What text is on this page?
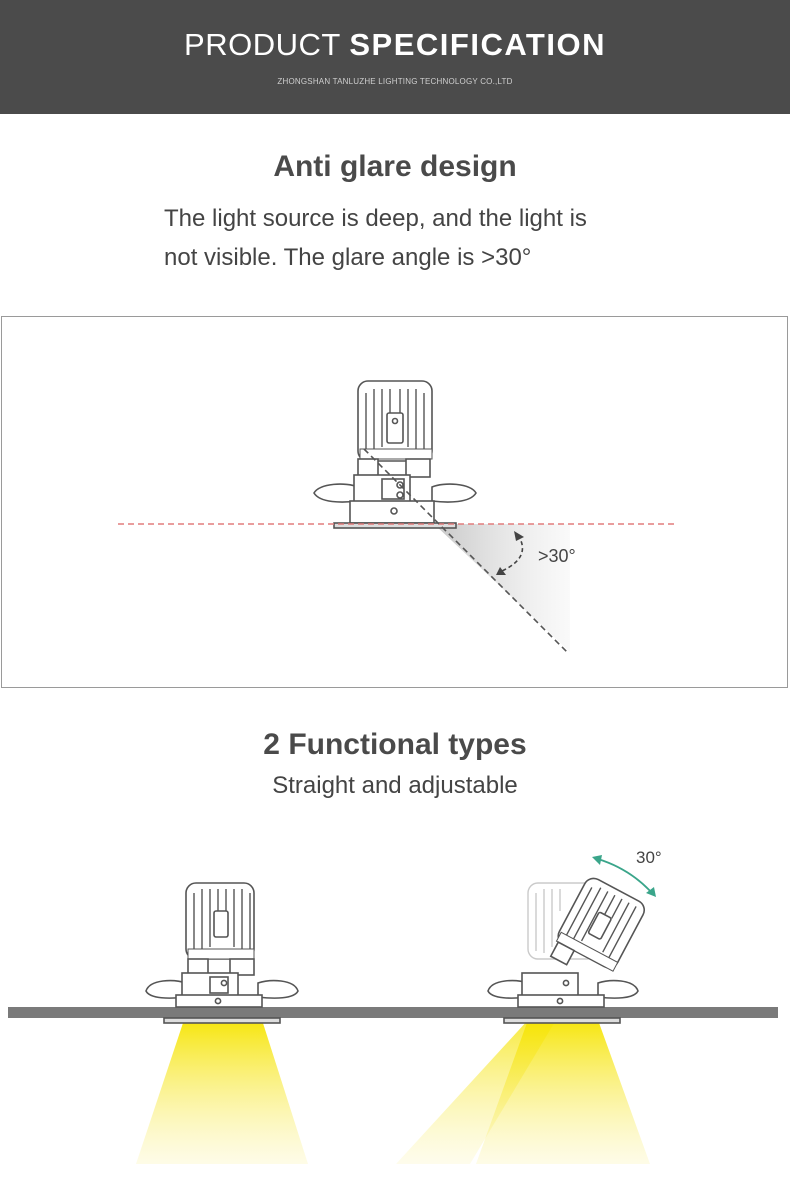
PRODUCT SPECIFICATION
ZHONGSHAN TANLUZHE LIGHTING TECHNOLOGY CO.,LTD
Anti glare design
The light source is deep, and the light is
not visible. The glare angle is >30°
>30°
2 Functional types
Straight and adjustable
30°
